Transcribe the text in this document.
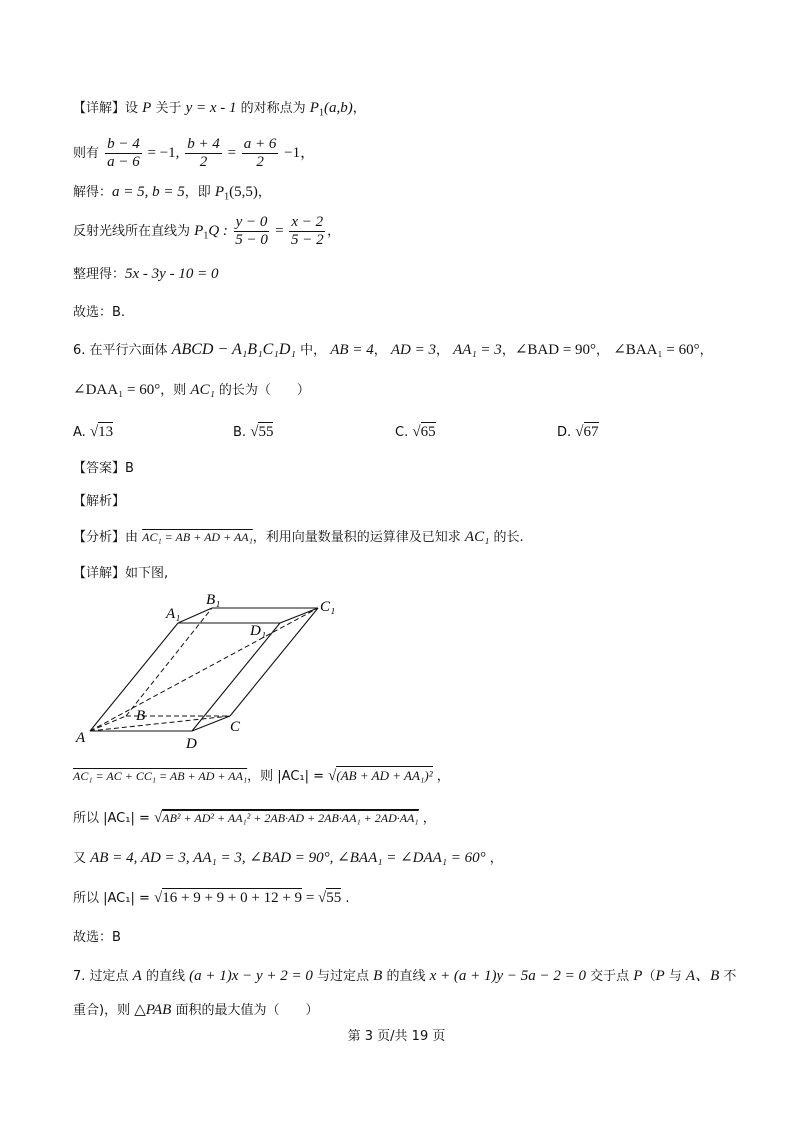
【详解】设 P 关于 y = x - 1 的对称点为 $P_1(a,b)$，
则有 $\frac{b - 4}{a - 6} = -1$, $\frac{b + 4}{2} = \frac{a + 6}{2} -1$，
解得：a = 5, b = 5，即 $P_1(5,5)$，
反射光线所在直线为 $P_1Q$ : $\frac{y - 0}{5 - 0} = \frac{x - 2}{5 - 2}$ ，
整理得：5x - 3y - 10 = 0
故选：B.
6. 在平行六面体 ABCD − A₁B₁C₁D₁ 中， AB = 4， AD = 3， AA₁ = 3，∠BAD = 90°， ∠BAA₁ = 60°，
∠DAA₁ = 60°，则 AC₁ 的长为（　　）
A. √13	B. √55	C. √65	D. √67
【答案】B
【解析】
【分析】由 AC₁ = AB + AD + AA₁，利用向量数量积的运算律及已知求 AC₁ 的长.
【详解】如下图,
A₁
B₁	C₁
D₁
B
C
A	D
AC₁ = AC + CC₁ = AB + AD + AA₁，则 |AC₁| = √(AB + AD + AA₁)² ，
所以 |AC₁| = √AB² + AD² + AA₁² + 2AB·AD + 2AB·AA₁ + 2AD·AA₁ ，
又 AB = 4, AD = 3, AA₁ = 3, ∠BAD = 90°, ∠BAA₁ = ∠DAA₁ = 60° ，
所以 |AC₁| = √16 + 9 + 9 + 0 + 12 + 9 = √55 .
故选：B
7. 过定点 A 的直线 (a + 1)x − y + 2 = 0 与过定点 B 的直线 x + (a + 1)y − 5a − 2 = 0 交于点 P（P 与 A、B 不
重合)，则 △PAB 面积的最大值为（　　）
第 3 页/共 19 页
